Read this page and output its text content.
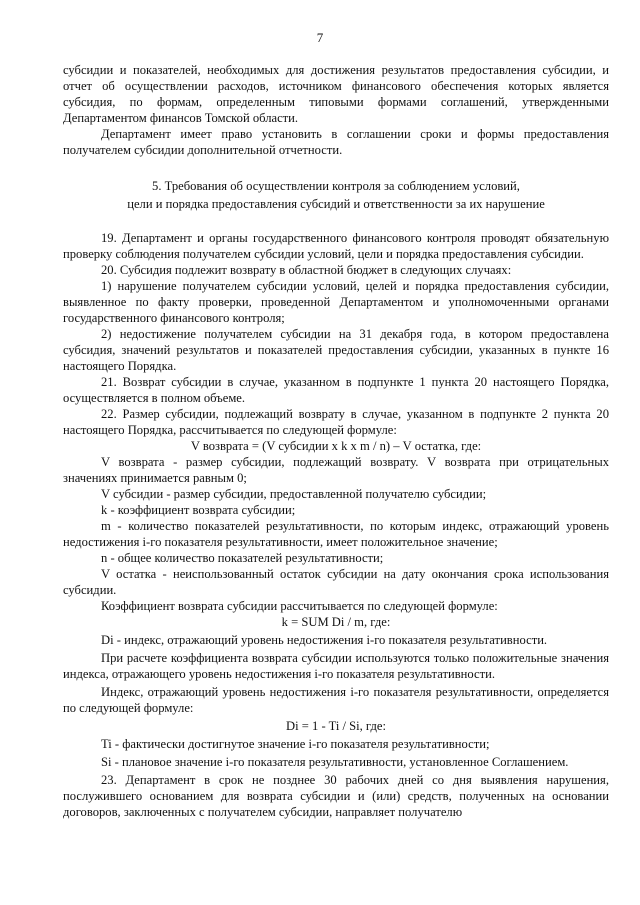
7

субсидии и показателей, необходимых для достижения результатов предоставления субсидии, и отчет об осуществлении расходов, источником финансового обеспечения которых является субсидия, по формам, определенным типовыми формами соглашений, утвержденными Департаментом финансов Томской области.

Департамент имеет право установить в соглашении сроки и формы предоставления получателем субсидии дополнительной отчетности.

5. Требования об осуществлении контроля за соблюдением условий,
цели и порядка предоставления субсидий и ответственности за их нарушение

19. Департамент и органы государственного финансового контроля проводят обязательную проверку соблюдения получателем субсидии условий, цели и порядка предоставления субсидии.

20. Субсидия подлежит возврату в областной бюджет в следующих случаях:

1) нарушение получателем субсидии условий, целей и порядка предоставления субсидии, выявленное по факту проверки, проведенной Департаментом и уполномоченными органами государственного финансового контроля;

2) недостижение получателем субсидии на 31 декабря года, в котором предоставлена субсидия, значений результатов и показателей предоставления субсидии, указанных в пункте 16 настоящего Порядка.

21. Возврат субсидии в случае, указанном в подпункте 1 пункта 20 настоящего Порядка, осуществляется в полном объеме.

22. Размер субсидии, подлежащий возврату в случае, указанном в подпункте 2 пункта 20 настоящего Порядка, рассчитывается по следующей формуле:

V возврата = (V субсидии x k x m / n) – V остатка, где:

V возврата - размер субсидии, подлежащий возврату. V возврата при отрицательных значениях принимается равным 0;

V субсидии - размер субсидии, предоставленной получателю субсидии;

k - коэффициент возврата субсидии;

m - количество показателей результативности, по которым индекс, отражающий уровень недостижения i-го показателя результативности, имеет положительное значение;

n - общее количество показателей результативности;

V остатка - неиспользованный остаток субсидии на дату окончания срока использования субсидии.

Коэффициент возврата субсидии рассчитывается по следующей формуле:

k = SUM Di / m, где:

Di - индекс, отражающий уровень недостижения i-го показателя результативности.

При расчете коэффициента возврата субсидии используются только положительные значения индекса, отражающего уровень недостижения i-го показателя результативности.

Индекс, отражающий уровень недостижения i-го показателя результативности, определяется по следующей формуле:

Di = 1 - Ti / Si, где:

Ti - фактически достигнутое значение i-го показателя результативности;

Si - плановое значение i-го показателя результативности, установленное Соглашением.

23. Департамент в срок не позднее 30 рабочих дней со дня выявления нарушения, послужившего основанием для возврата субсидии и (или) средств, полученных на основании договоров, заключенных с получателем субсидии, направляет получателю
